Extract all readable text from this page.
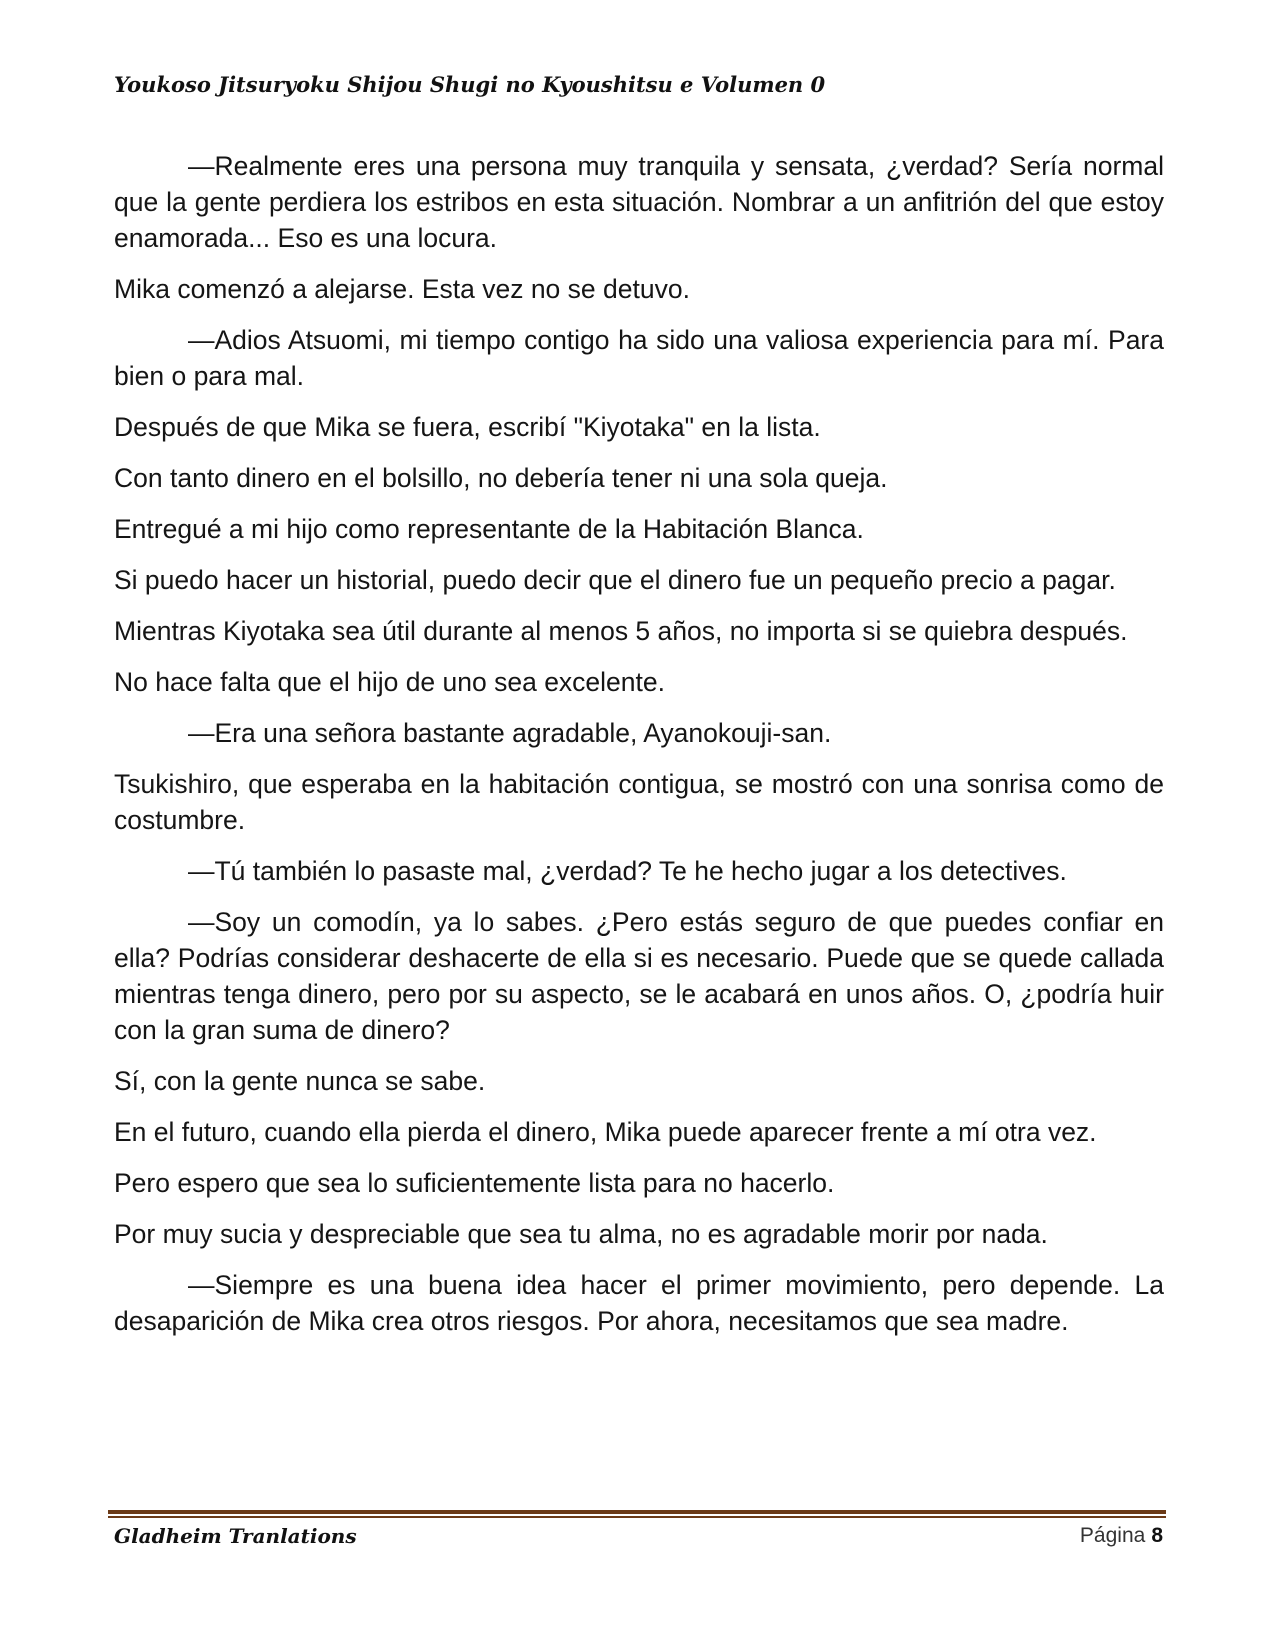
Youkoso Jitsuryoku Shijou Shugi no Kyoushitsu e Volumen 0

—Realmente eres una persona muy tranquila y sensata, ¿verdad? Sería normal que la gente perdiera los estribos en esta situación. Nombrar a un anfitrión del que estoy enamorada... Eso es una locura.

Mika comenzó a alejarse. Esta vez no se detuvo.

—Adios Atsuomi, mi tiempo contigo ha sido una valiosa experiencia para mí. Para bien o para mal.

Después de que Mika se fuera, escribí "Kiyotaka" en la lista.

Con tanto dinero en el bolsillo, no debería tener ni una sola queja.

Entregué a mi hijo como representante de la Habitación Blanca.

Si puedo hacer un historial, puedo decir que el dinero fue un pequeño precio a pagar.

Mientras Kiyotaka sea útil durante al menos 5 años, no importa si se quiebra después.

No hace falta que el hijo de uno sea excelente.

—Era una señora bastante agradable, Ayanokouji-san.

Tsukishiro, que esperaba en la habitación contigua, se mostró con una sonrisa como de costumbre.

—Tú también lo pasaste mal, ¿verdad? Te he hecho jugar a los detectives.

—Soy un comodín, ya lo sabes. ¿Pero estás seguro de que puedes confiar en ella? Podrías considerar deshacerte de ella si es necesario. Puede que se quede callada mientras tenga dinero, pero por su aspecto, se le acabará en unos años. O, ¿podría huir con la gran suma de dinero?

Sí, con la gente nunca se sabe.

En el futuro, cuando ella pierda el dinero, Mika puede aparecer frente a mí otra vez.

Pero espero que sea lo suficientemente lista para no hacerlo.

Por muy sucia y despreciable que sea tu alma, no es agradable morir por nada.

—Siempre es una buena idea hacer el primer movimiento, pero depende. La desaparición de Mika crea otros riesgos. Por ahora, necesitamos que sea madre.

Gladheim Tranlations	Página 8
